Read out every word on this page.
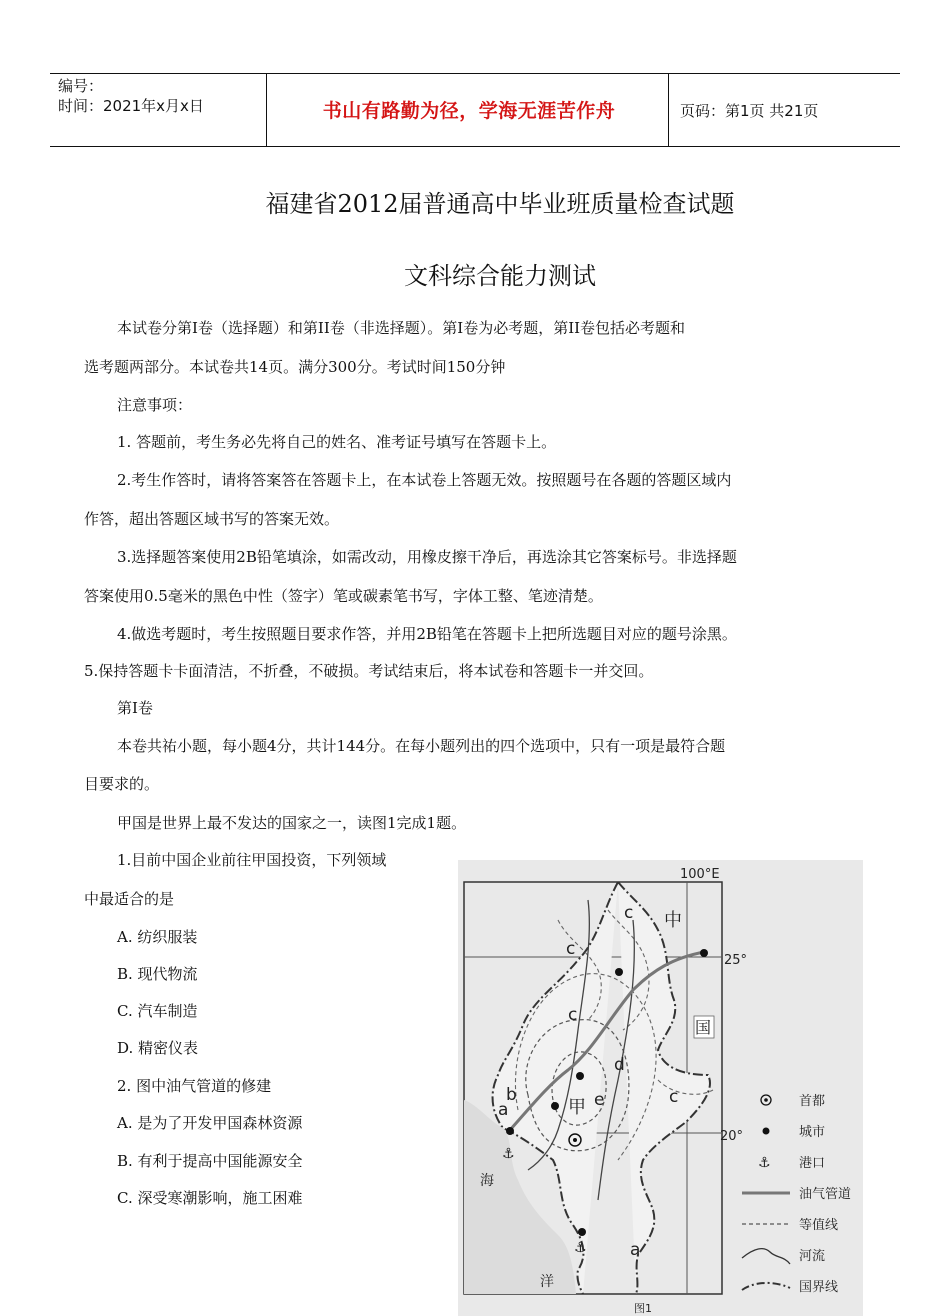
编号：
时间：2021年x月x日	书山有路勤为径，学海无涯苦作舟	页码：第1页 共21页
福建省2012届普通高中毕业班质量检查试题
文科综合能力测试
本试卷分第I卷（选择题）和第II卷（非选择题）。第I卷为必考题，第II卷包括必考题和
选考题两部分。本试卷共14页。满分300分。考试时间150分钟
注意事项：
1. 答题前，考生务必先将自己的姓名、准考证号填写在答题卡上。
2.考生作答时，请将答案答在答题卡上，在本试卷上答题无效。按照题号在各题的答题区域内
作答，超出答题区域书写的答案无效。
3.选择题答案使用2B铅笔填涂，如需改动，用橡皮擦干净后，再选涂其它答案标号。非选择题
答案使用0.5毫米的黑色中性（签字）笔或碳素笔书写，字体工整、笔迹清楚。
4.做选考题时，考生按照题目要求作答，并用2B铅笔在答题卡上把所选题目对应的题号涂黑。
5.保持答题卡卡面清洁，不折叠，不破损。考试结束后，将本试卷和答题卡一并交回。
第I卷
本卷共祐小题，每小题4分，共计144分。在每小题列出的四个选项中，只有一项是最符合题
目要求的。
甲国是世界上最不发达的国家之一，读图1完成1题。
1.目前中国企业前往甲国投资，下列领域
中最适合的是
A. 纺织服装
B. 现代物流
C. 汽车制造
D. 精密仪表
2. 图中油气管道的修建
A. 是为了开发甲国森林资源
B. 有利于提高中国能源安全
C. 深受寒潮影响，施工困难
⚓
⚓
100°E
25°
20°
中
国
甲
海
洋
a
b
c
c
c
c
a
d
e	首都
城市
⚓ 港口
油气管道
等值线
河流
国界线
图1
